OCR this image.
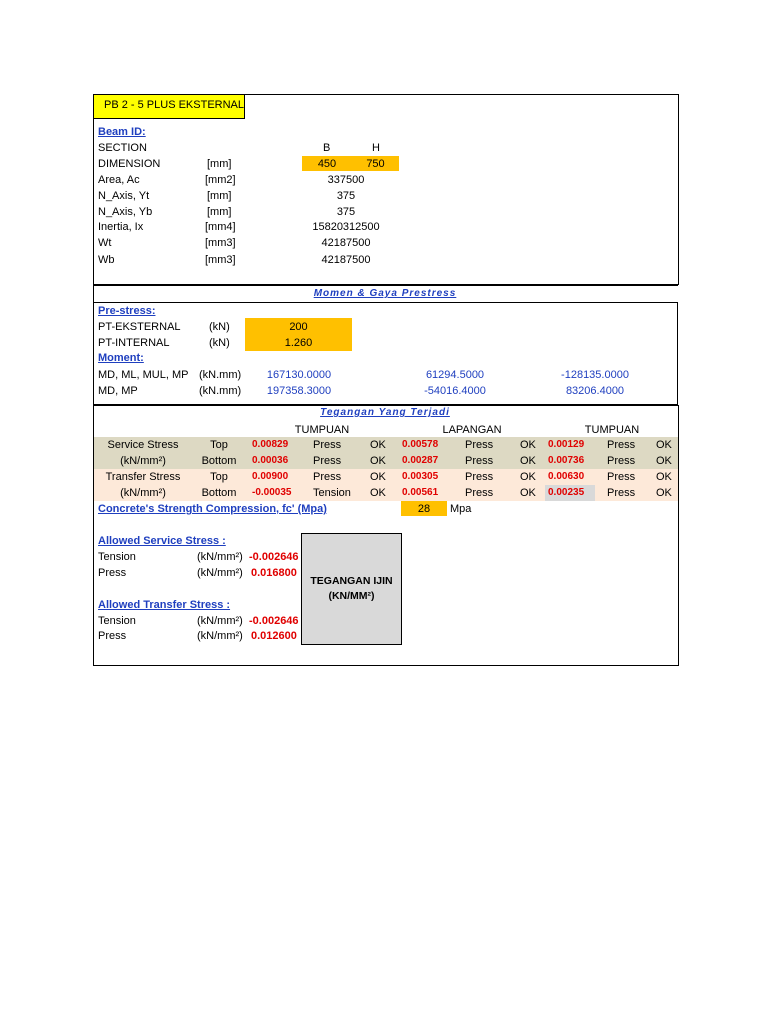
PB 2 - 5 PLUS EKSTERNAL
Beam ID:
B	H
SECTION
DIMENSION	[mm]	450	750
Area, Ac	[mm2]	337500
N_Axis, Yt	[mm]	375
N_Axis, Yb	[mm]	375
Inertia, Ix	[mm4]	15820312500
Wt	[mm3]	42187500
Wb	[mm3]	42187500
Momen & Gaya Prestress
Pre-stress:
PT-EKSTERNAL	(kN)	200
PT-INTERNAL	(kN)	1.260
Moment:
MD, ML, MUL, MP (kN.mm)	167130.0000	61294.5000	-128135.0000
MD, MP	(kN.mm)	197358.3000	-54016.4000	83206.4000
Tegangan Yang Terjadi
TUMPUAN	LAPANGAN	TUMPUAN
Service Stress	Top	0.00829 Press	OK 0.00578 Press OK 0.00129 Press OK
(kN/mm²)	Bottom	0.00036 Press	OK 0.00287 Press OK 0.00736 Press OK
Transfer Stress	Top	0.00900 Press	OK 0.00305 Press OK 0.00630 Press OK
(kN/mm²)	Bottom	-0.00035 Tension OK 0.00561 Press OK 0.00235 Press OK
Concrete's Strength Compression, fc' (Mpa)	28	Mpa
Allowed Service Stress :
Tension	(kN/mm²) -0.002646
Press	(kN/mm²) 0.016800
Allowed Transfer Stress :
Tension	(kN/mm²) -0.002646
Press	(kN/mm²) 0.012600
TEGANGAN IJIN
(KN/MM²)
